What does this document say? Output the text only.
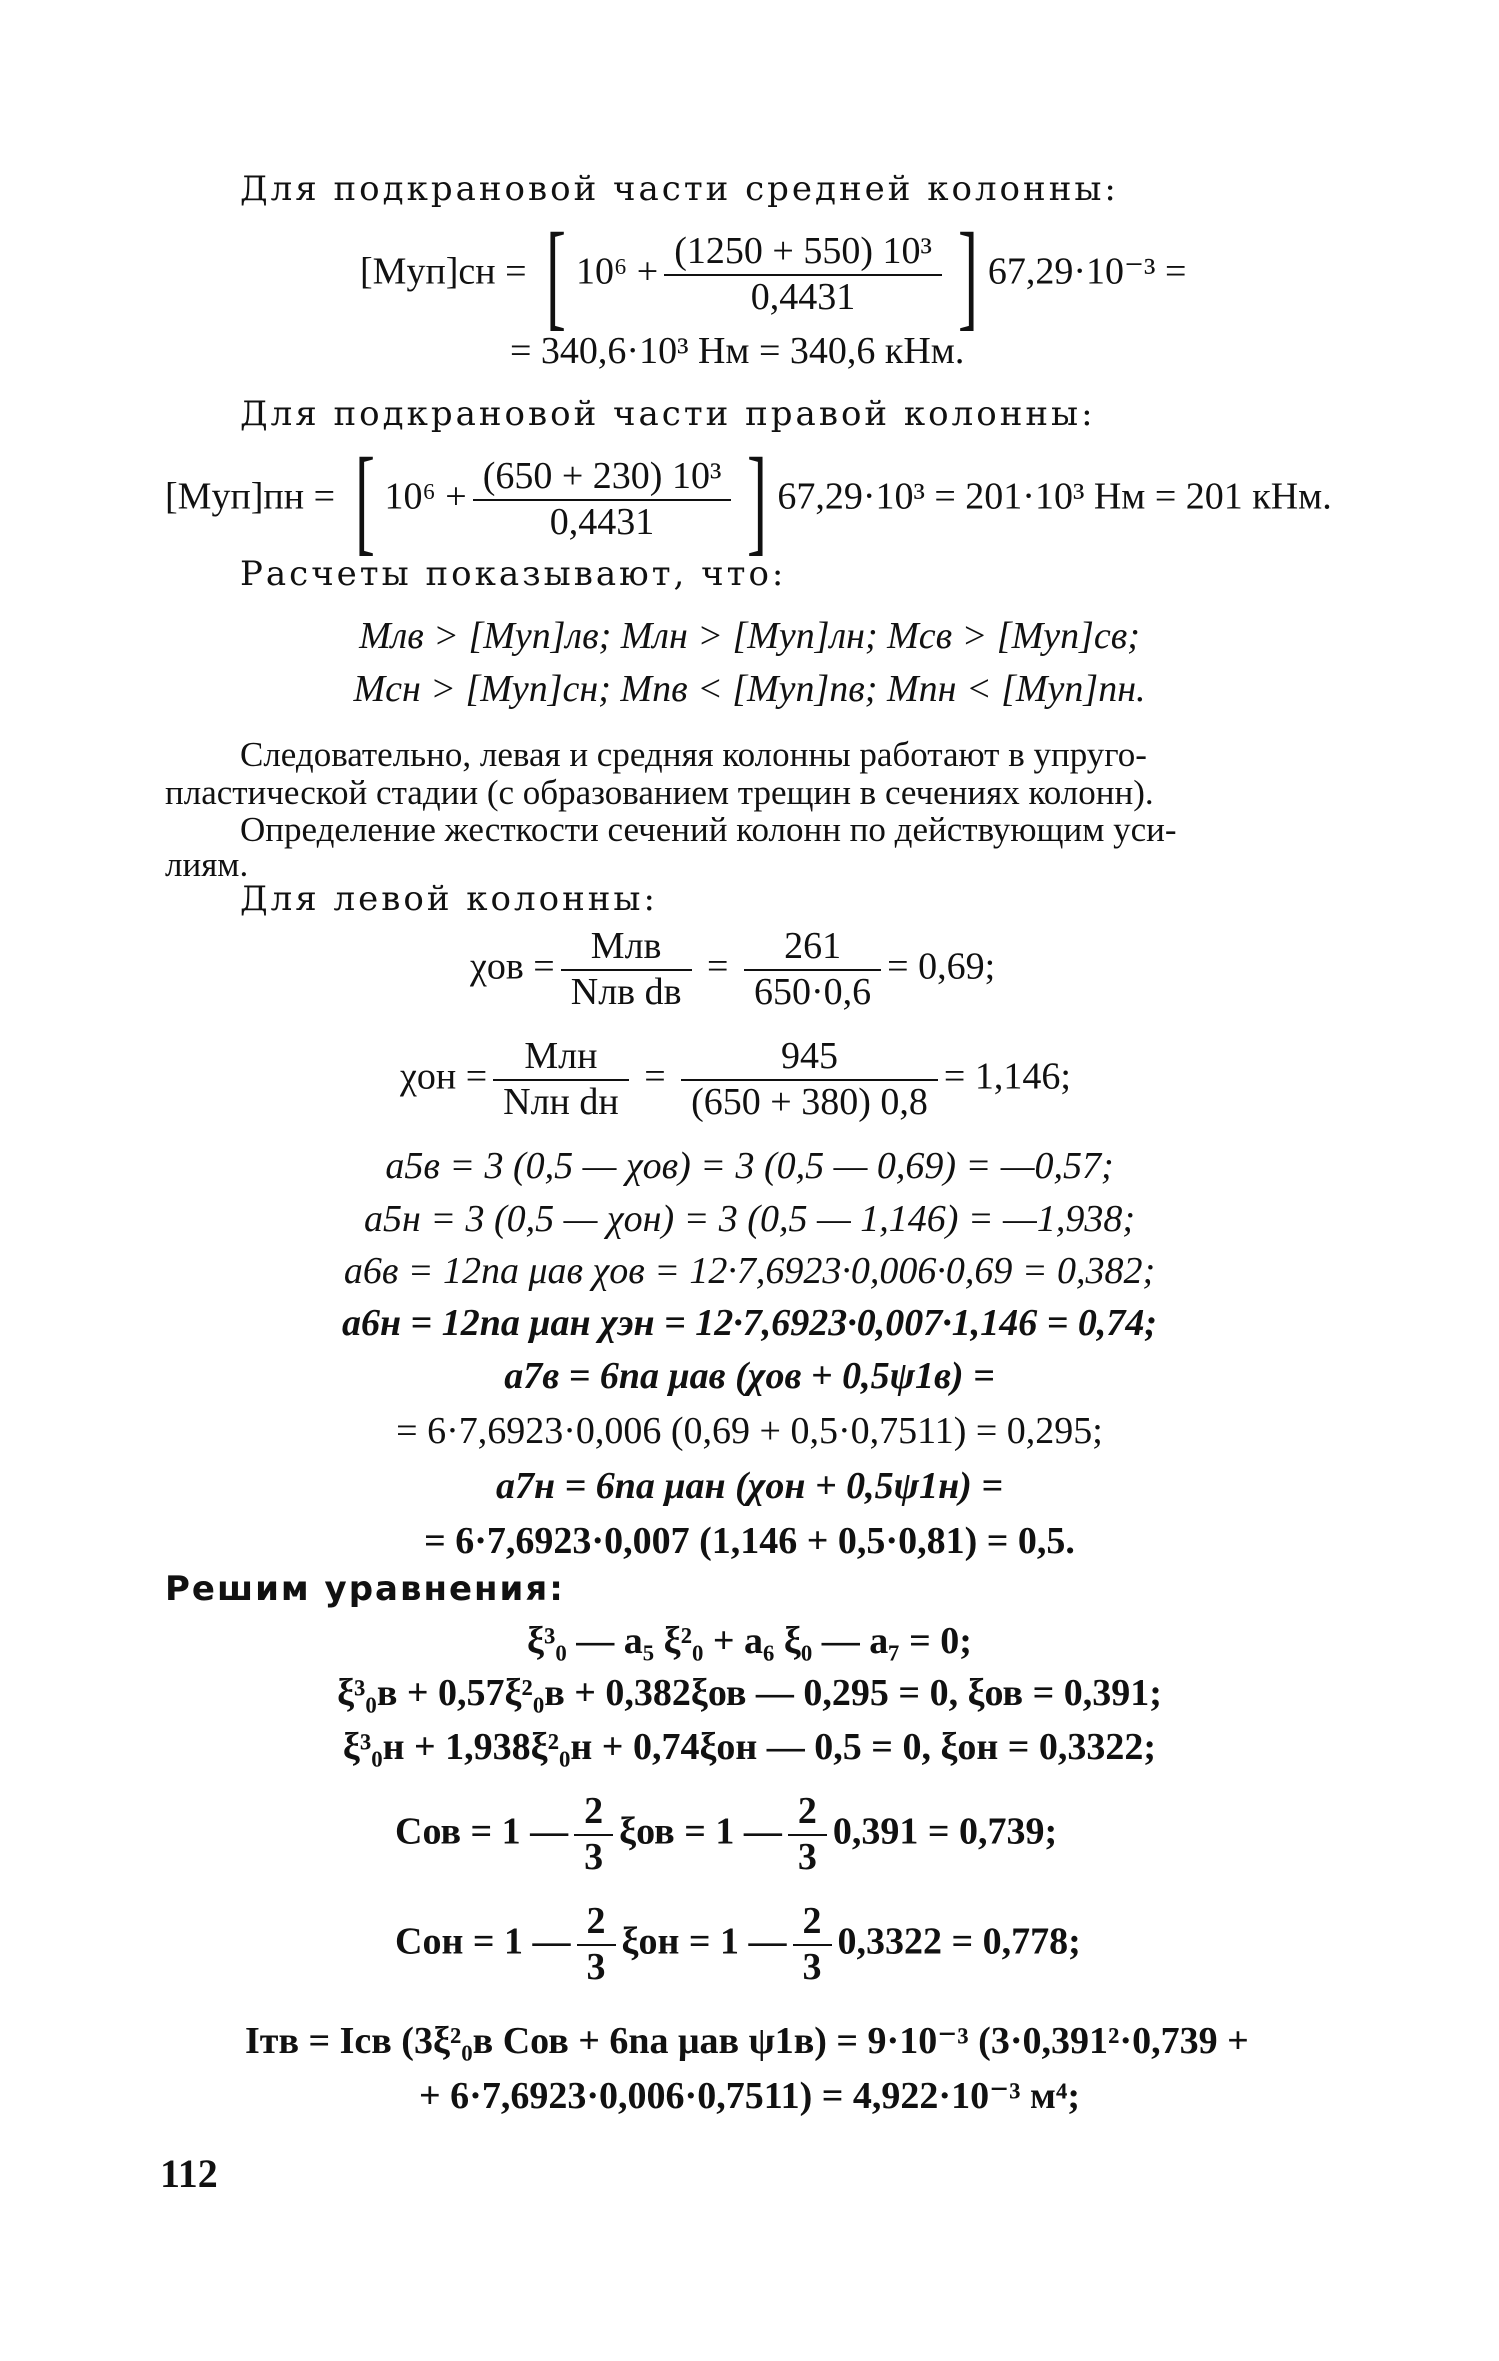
Для подкрановой части средней колонны:
[Mуп]сн = [ $10^6 + \frac{\text{(1250 + 550) 10³}}{0,4431}$ ] 67,29·10⁻³ =
= 340,6·10³ Нм = 340,6 кНм.
Для подкрановой части правой колонны:
[Mуп]пн = [ $10^6 + \frac{\text{(650 + 230) 10³}}{0,4431}$ ] 67,29·10³ = 201·10³ Нм = 201 кНм.
Расчеты показывают, что:
Mлв > [Mуп]лв; Mлн > [Mуп]лн; Mсв > [Mуп]св;
Mсн > [Mуп]сн; Mпв < [Mуп]пв; Mпн < [Mуп]пн.
Следовательно, левая и средняя колонны работают в упруго-
пластической стадии (с образованием трещин в сечениях колонн).
Определение жесткости сечений колонн по действующим уси-
лиям.
Для левой колонны:
$\chi ов = \frac{\text{Mлв}}{\text{Nлв dв}} = \frac{261}{650\cdot 0,6} = 0,69$;
$\chi он = \frac{\text{Mлн}}{\text{Nлн dн}} = \frac{945}{(650 + 380) 0,8} = 1,146$;
a5в = 3 (0,5 — χов) = 3 (0,5 — 0,69) = —0,57;
a5н = 3 (0,5 — χон) = 3 (0,5 — 1,146) = —1,938;
a6в = 12nа μав χов = 12·7,6923·0,006·0,69 = 0,382;
a6н = 12nа μан χэн = 12·7,6923·0,007·1,146 = 0,74;
a7в = 6nа μав (χов + 0,5ψ1в) =
= 6·7,6923·0,006 (0,69 + 0,5·0,7511) = 0,295;
a7н = 6nа μан (χон + 0,5ψ1н) =
= 6·7,6923·0,007 (1,146 + 0,5·0,81) = 0,5.
Решим уравнения:
ξ³₀ — a₅ ξ²₀ + a₆ ξ₀ — a₇ = 0;
ξ³₀в + 0,57ξ²₀в + 0,382ξов — 0,295 = 0, ξов = 0,391;
ξ³₀н + 1,938ξ²₀н + 0,74ξон — 0,5 = 0, ξон = 0,3322;
Cов = 1 — $\frac{2}{3}$ ξов = 1 — $\frac{2}{3} 0,391 = 0,739$;
Cон = 1 — $\frac{2}{3}$ ξон = 1 — $\frac{2}{3} 0,3322 = 0,778$;
Iтв = Iсв (3ξ²₀в Cов + 6nа μав ψ1в) = 9·10⁻³ (3·0,391²·0,739 +
+ 6·7,6923·0,006·0,7511) = 4,922·10⁻³ м⁴;
112
